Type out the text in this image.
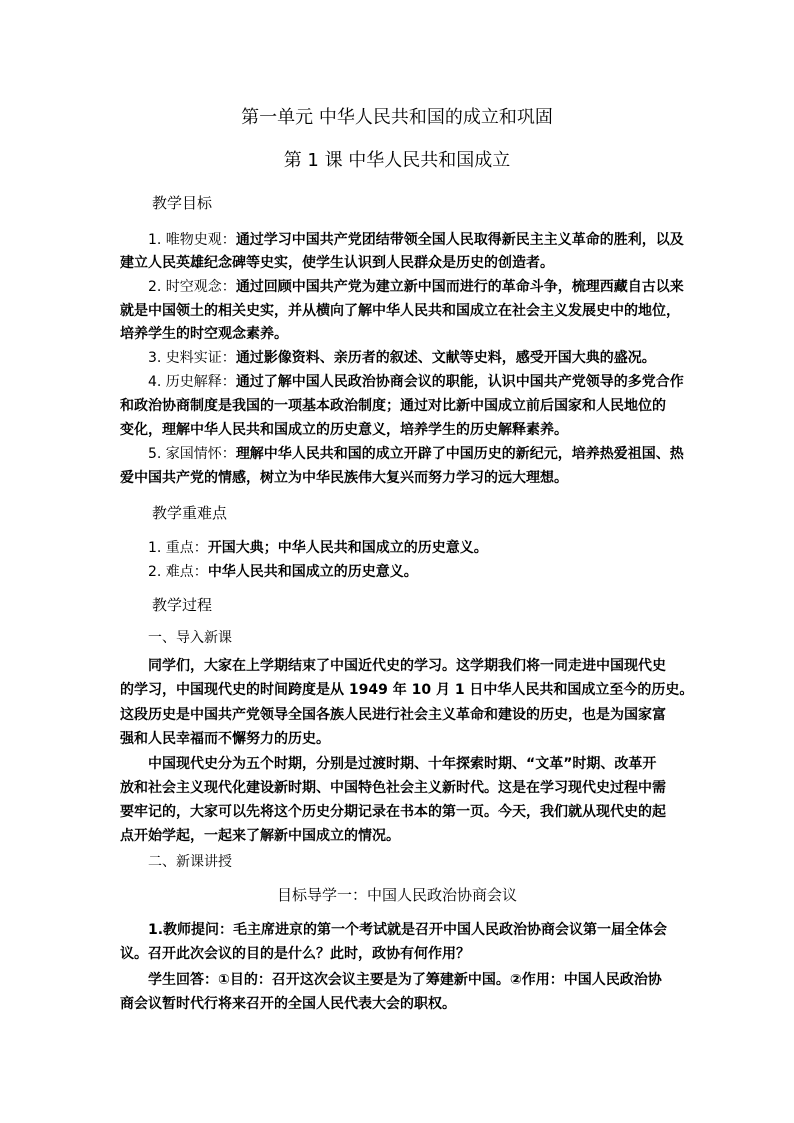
第一单元 中华人民共和国的成立和巩固
第 1 课 中华人民共和国成立
教学目标
1. 唯物史观：通过学习中国共产党团结带领全国人民取得新民主主义革命的胜利，以及
建立人民英雄纪念碑等史实，使学生认识到人民群众是历史的创造者。
2. 时空观念：通过回顾中国共产党为建立新中国而进行的革命斗争，梳理西藏自古以来
就是中国领土的相关史实，并从横向了解中华人民共和国成立在社会主义发展史中的地位，
培养学生的时空观念素养。
3. 史料实证：通过影像资料、亲历者的叙述、文献等史料，感受开国大典的盛况。
4. 历史解释：通过了解中国人民政治协商会议的职能，认识中国共产党领导的多党合作
和政治协商制度是我国的一项基本政治制度；通过对比新中国成立前后国家和人民地位的
变化，理解中华人民共和国成立的历史意义，培养学生的历史解释素养。
5. 家国情怀：理解中华人民共和国的成立开辟了中国历史的新纪元，培养热爱祖国、热
爱中国共产党的情感，树立为中华民族伟大复兴而努力学习的远大理想。
教学重难点
1. 重点：开国大典；中华人民共和国成立的历史意义。
2. 难点：中华人民共和国成立的历史意义。
教学过程
一、导入新课
同学们，大家在上学期结束了中国近代史的学习。这学期我们将一同走进中国现代史
的学习，中国现代史的时间跨度是从 1949 年 10 月 1 日中华人民共和国成立至今的历史。
这段历史是中国共产党领导全国各族人民进行社会主义革命和建设的历史，也是为国家富
强和人民幸福而不懈努力的历史。
中国现代史分为五个时期，分别是过渡时期、十年探索时期、“文革”时期、改革开
放和社会主义现代化建设新时期、中国特色社会主义新时代。这是在学习现代史过程中需
要牢记的，大家可以先将这个历史分期记录在书本的第一页。今天，我们就从现代史的起
点开始学起，一起来了解新中国成立的情况。
二、新课讲授
目标导学一：中国人民政治协商会议
1.教师提问：毛主席进京的第一个考试就是召开中国人民政治协商会议第一届全体会
议。召开此次会议的目的是什么？此时，政协有何作用？
学生回答：①目的：召开这次会议主要是为了筹建新中国。②作用：中国人民政治协
商会议暂时代行将来召开的全国人民代表大会的职权。
